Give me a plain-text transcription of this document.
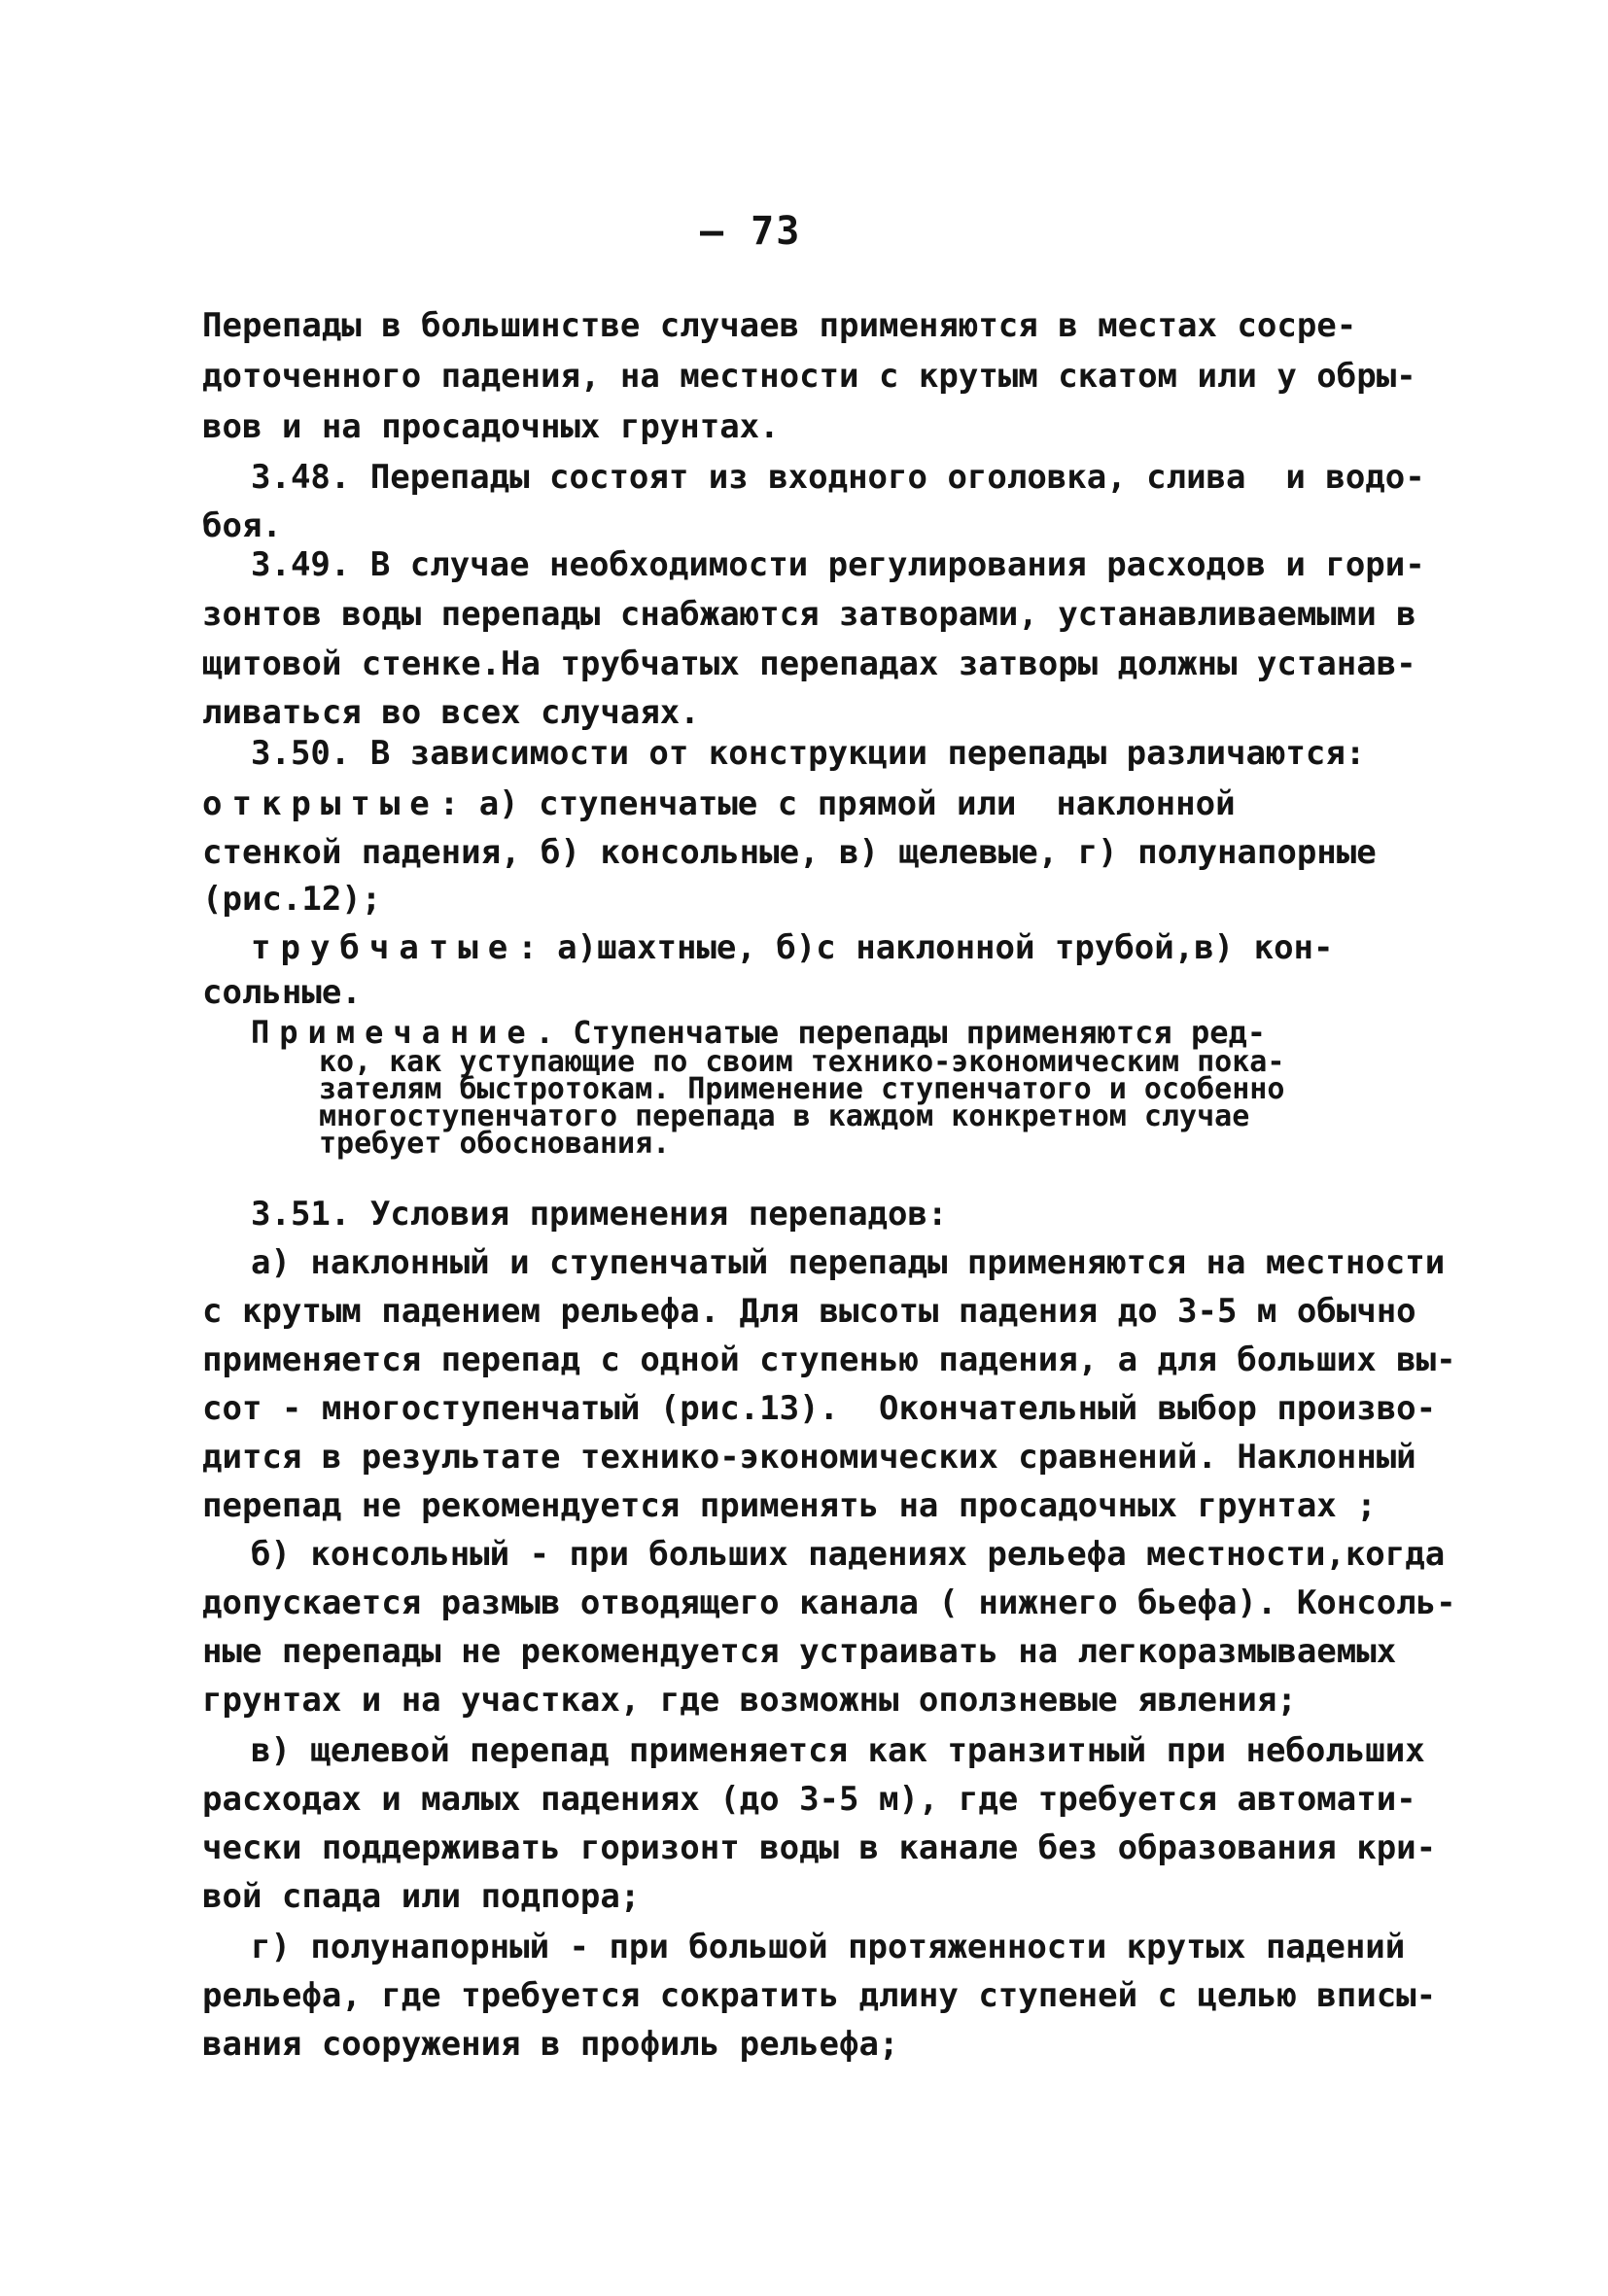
— 73
Перепады в большинстве случаев применяются в местах сосре-
доточенного падения, на местности с крутым скатом или у обры-
вов и на просадочных грунтах.
3.48. Перепады состоят из входного оголовка, слива  и водо-
боя.
3.49. В случае необходимости регулирования расходов и гори-
зонтов воды перепады снабжаются затворами, устанавливаемыми в
щитовой стенке.На трубчатых перепадах затворы должны устанав-
ливаться во всех случаях.
3.50. В зависимости от конструкции перепады различаются:
открытые: а) ступенчатые с прямой или  наклонной
стенкой падения, б) консольные, в) щелевые, г) полунапорные
(рис.12);
трубчатые: а)шахтные, б)с наклонной трубой,в) кон-
сольные.
Примечание. Ступенчатые перепады применяются ред-
ко, как уступающие по своим технико-экономическим пока-
зателям быстротокам. Применение ступенчатого и особенно
многоступенчатого перепада в каждом конкретном случае
требует обоснования.
3.51. Условия применения перепадов:
а) наклонный и ступенчатый перепады применяются на местности
с крутым падением рельефа. Для высоты падения до 3-5 м обычно
применяется перепад с одной ступенью падения, а для больших вы-
сот - многоступенчатый (рис.13).  Окончательный выбор произво-
дится в результате технико-экономических сравнений. Наклонный
перепад не рекомендуется применять на просадочных грунтах ;
б) консольный - при больших падениях рельефа местности,когда
допускается размыв отводящего канала ( нижнего бьефа). Консоль-
ные перепады не рекомендуется устраивать на легкоразмываемых
грунтах и на участках, где возможны оползневые явления;
в) щелевой перепад применяется как транзитный при небольших
расходах и малых падениях (до 3-5 м), где требуется автомати-
чески поддерживать горизонт воды в канале без образования кри-
вой спада или подпора;
г) полунапорный - при большой протяженности крутых падений
рельефа, где требуется сократить длину ступеней с целью вписы-
вания сооружения в профиль рельефа;
